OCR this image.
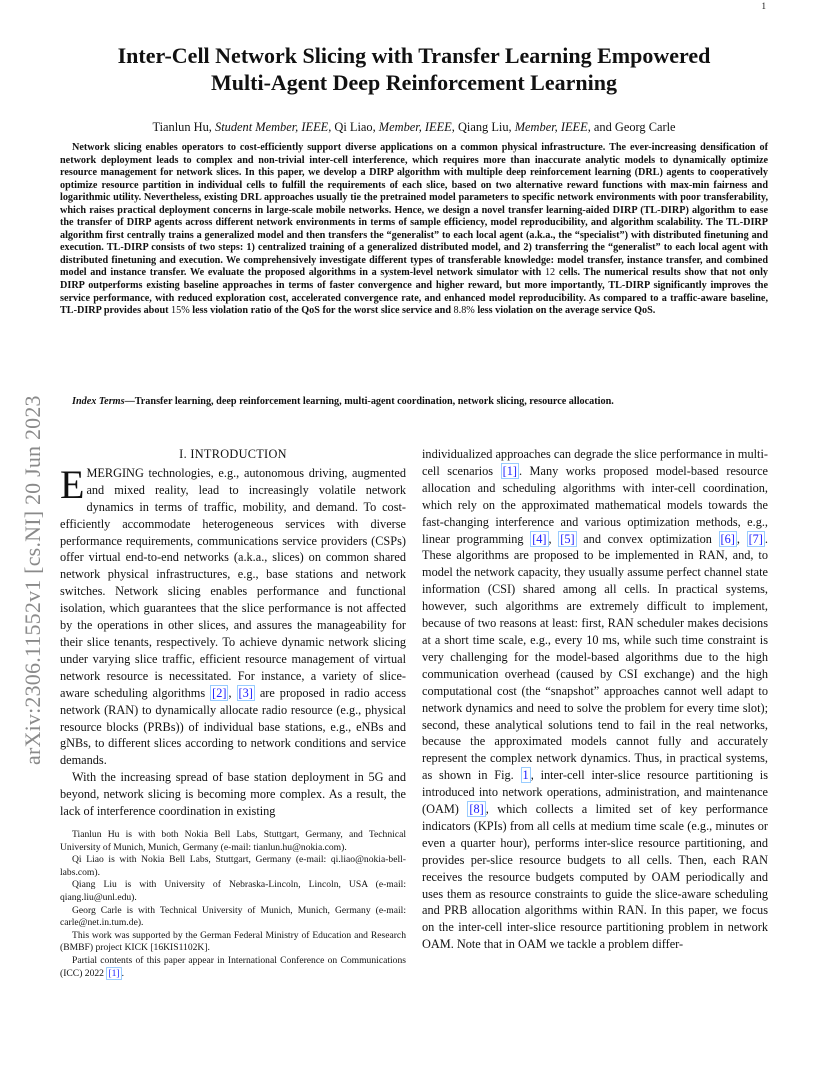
1
arXiv:2306.11552v1 [cs.NI] 20 Jun 2023
Inter-Cell Network Slicing with Transfer Learning Empowered
Multi-Agent Deep Reinforcement Learning
Tianlun Hu, Student Member, IEEE, Qi Liao, Member, IEEE, Qiang Liu, Member, IEEE, and Georg Carle
Network slicing enables operators to cost-efficiently support diverse applications on a common physical infrastructure. The ever-increasing densification of network deployment leads to complex and non-trivial inter-cell interference, which requires more than inaccurate analytic models to dynamically optimize resource management for network slices. In this paper, we develop a DIRP algorithm with multiple deep reinforcement learning (DRL) agents to cooperatively optimize resource partition in individual cells to fulfill the requirements of each slice, based on two alternative reward functions with max-min fairness and logarithmic utility. Nevertheless, existing DRL approaches usually tie the pretrained model parameters to specific network environments with poor transferability, which raises practical deployment concerns in large-scale mobile networks. Hence, we design a novel transfer learning-aided DIRP (TL-DIRP) algorithm to ease the transfer of DIRP agents across different network environments in terms of sample efficiency, model reproducibility, and algorithm scalability. The TL-DIRP algorithm first centrally trains a generalized model and then transfers the “generalist” to each local agent (a.k.a., the “specialist”) with distributed finetuning and execution. TL-DIRP consists of two steps: 1) centralized training of a generalized distributed model, and 2) transferring the “generalist” to each local agent with distributed finetuning and execution. We comprehensively investigate different types of transferable knowledge: model transfer, instance transfer, and combined model and instance transfer. We evaluate the proposed algorithms in a system-level network simulator with 12 cells. The numerical results show that not only DIRP outperforms existing baseline approaches in terms of faster convergence and higher reward, but more importantly, TL-DIRP significantly improves the service performance, with reduced exploration cost, accelerated convergence rate, and enhanced model reproducibility. As compared to a traffic-aware baseline, TL-DIRP provides about 15% less violation ratio of the QoS for the worst slice service and 8.8% less violation on the average service QoS.
Index Terms—Transfer learning, deep reinforcement learning, multi-agent coordination, network slicing, resource allocation.
I. INTRODUCTION

EMERGING technologies, e.g., autonomous driving, augmented and mixed reality, lead to increasingly volatile network dynamics in terms of traffic, mobility, and demand. To cost-efficiently accommodate heterogeneous services with diverse performance requirements, communications service providers (CSPs) offer virtual end-to-end networks (a.k.a., slices) on common shared network physical infrastructures, e.g., base stations and network switches. Network slicing enables performance and functional isolation, which guarantees that the slice performance is not affected by the operations in other slices, and assures the manageability for their slice tenants, respectively. To achieve dynamic network slicing under varying slice traffic, efficient resource management of virtual network resource is necessitated. For instance, a variety of slice-aware scheduling algorithms [2] , [3] are proposed in radio access network (RAN) to dynamically allocate radio resource (e.g., physical resource blocks (PRBs)) of individual base stations, e.g., eNBs and gNBs, to different slices according to network conditions and service demands.

With the increasing spread of base station deployment in 5G and beyond, network slicing is becoming more complex. As a result, the lack of interference coordination in existing

Tianlun Hu is with both Nokia Bell Labs, Stuttgart, Germany, and Technical University of Munich, Munich, Germany (e-mail: tianlun.hu@nokia.com).

Qi Liao is with Nokia Bell Labs, Stuttgart, Germany (e-mail: qi.liao@nokia-bell-labs.com).

Qiang Liu is with University of Nebraska-Lincoln, Lincoln, USA (e-mail: qiang.liu@unl.edu).

Georg Carle is with Technical University of Munich, Munich, Germany (e-mail: carle@net.in.tum.de).

This work was supported by the German Federal Ministry of Education and Research (BMBF) project KICK [16KIS1102K].

Partial contents of this paper appear in International Conference on Communications (ICC) 2022 [1] .

individualized approaches can degrade the slice performance in multi-cell scenarios [1] . Many works proposed model-based resource allocation and scheduling algorithms with inter-cell coordination, which rely on the approximated mathematical models towards the fast-changing interference and various optimization methods, e.g., linear programming [4] , [5] and convex optimization [6] , [7] . These algorithms are proposed to be implemented in RAN, and, to model the network capacity, they usually assume perfect channel state information (CSI) shared among all cells. In practical systems, however, such algorithms are extremely difficult to implement, because of two reasons at least: first, RAN scheduler makes decisions at a short time scale, e.g., every 10 ms, while such time constraint is very challenging for the model-based algorithms due to the high communication overhead (caused by CSI exchange) and the high computational cost (the “snapshot” approaches cannot well adapt to network dynamics and need to solve the problem for every time slot); second, these analytical solutions tend to fail in the real networks, because the approximated models cannot fully and accurately represent the complex network dynamics. Thus, in practical systems, as shown in Fig. 1 , inter-cell inter-slice resource partitioning is introduced into network operations, administration, and maintenance (OAM) [8] , which collects a limited set of key performance indicators (KPIs) from all cells at medium time scale (e.g., minutes or even a quarter hour), performs inter-slice resource partitioning, and provides per-slice resource budgets to all cells. Then, each RAN receives the resource budgets computed by OAM periodically and uses them as resource constraints to guide the slice-aware scheduling and PRB allocation algorithms within RAN. In this paper, we focus on the inter-cell inter-slice resource partitioning problem in network OAM. Note that in OAM we tackle a problem differ-
